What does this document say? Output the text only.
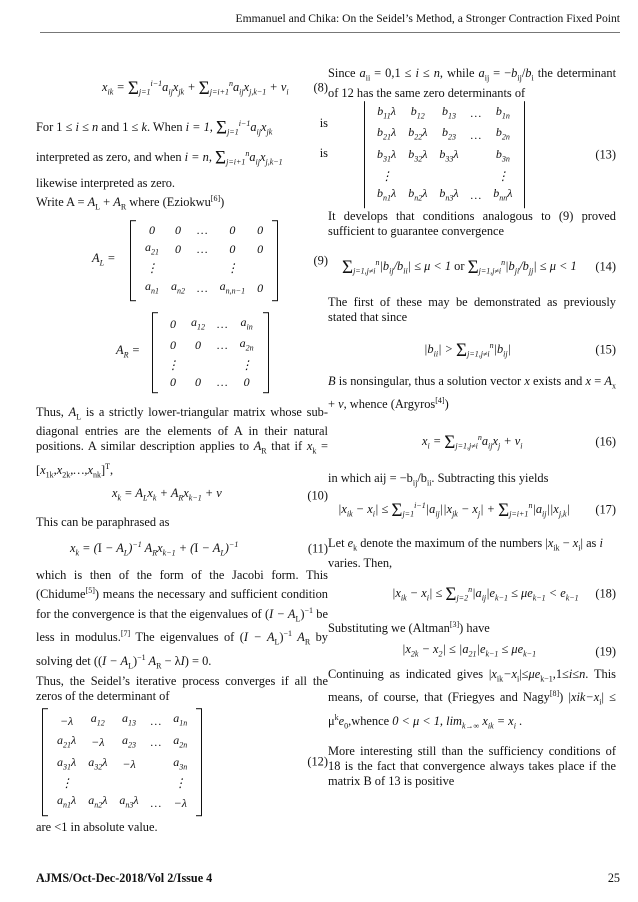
Emmanuel and Chika: On the Seidel’s Method, a Stronger Contraction Fixed Point
$x_{ik} = \Sigma_{j=1}^{i-1}a_{ij}x_{jk} + \Sigma_{j=i+1}^na_{ij}x_{j,k-1} + v_i$ (8)

For 1 ≤ i ≤ n and 1 ≤ k. When i = 1, $\Sigma_{j=1}^{i-1}a_{ij}x_{jk}$
is

interpreted as zero, and when i = n, $\Sigma_{j=i+1}^na_{ij}x_{j,k-1}$
is

likewise interpreted as zero.

Write $A = A_L + A_R$ where (Eziokwu[6])

$A_L$ =
0	0	…	0	0
$a_{21}$	0	…	0	0
⋮			⋮	
$a_{n1}$	$a_{n2}$	…	$a_{n,n-1}$	0
(9)
$A_R$ =
0	$a_{12}$	…	$a_{in}$
0	0	…	$a_{2n}$
⋮			⋮
0	0	…	0

Thus, $A_L$ is a strictly lower-triangular matrix whose sub-diagonal entries are the elements of A in their natural positions. A similar description applies to $A_R$ that if $x_k$ = $[x_{1k},x_{2k},\dots,x_{nk}]^T$,

$x_k = A_Lx_k + A_Rx_{k-1} + v$	(10)

This can be paraphrased as

$x_k = (I - A_L)^{-1}$ $A_Rx_{k-1} + (I - A_L)^{-1}$	(11)

which is then of the form of the Jacobi form. This (Chidume[5]) means the necessary and sufficient condition for the convergence is that the eigenvalues of $(I - A_L)^{-1}$ be less in modulus.[7] The eigenvalues of $(I - A_L)^{-1}$ $A_R$ by solving $\det ((I - A_L)^{-1}$ $A_R - \lambda I) = 0$.

Thus, the Seidel’s iterative process converges if all the zeros of the determinant of

−λ	$a_{12}$	$a_{13}$	…	$a_{1n}$
$a_{21}\lambda$	−λ	$a_{23}$	…	$a_{2n}$
$a_{31}\lambda$	$a_{32}\lambda$	−λ		$a_{3n}$
⋮				⋮
$a_{n1}\lambda$	$a_{n2}\lambda$	$a_{n3}\lambda$	…	−λ
(12)

are <1 in absolute value.

Since $a_{ii} = 0,1 \le i \le n$, while $a_{ij} = -b_{ij}/b_i$ the determinant of 12 has the same zero determinants of

$b_{11}\lambda$	$b_{12}$	$b_{13}$	…	$b_{1n}$
$b_{21}\lambda$	$b_{22}\lambda$	$b_{23}$	…	$b_{2n}$
$b_{31}\lambda$	$b_{32}\lambda$	$b_{33}\lambda$		$b_{3n}$
⋮				⋮
$b_{n1}\lambda$	$b_{n2}\lambda$	$b_{n3}\lambda$	…	$b_{nn}\lambda$
(13)

It develops that conditions analogous to (9) proved sufficient to guarantee convergence

$\Sigma_{j=1,j\ne i}^n|b_{ij}/b_{ii}| \le \mu < 1$ or $\Sigma_{j=1,j\ne i}^n|b_{ji}/b_{jj}| \le \mu < 1$ (14)

The first of these may be demonstrated as previously stated that since

$|b_{ii}| > \Sigma_{j=1,j\ne i}^n|b_{ij}|$	(15)

B is nonsingular, thus a solution vector x exists and $x = A_x + v$, whence (Argyros[4])

$x_i = \Sigma_{j=1,j\ne i}^na_{ij}x_j + v_i$	(16)

in which aij = $-b_{ij}/b_{ii}$. Subtracting this yields

$|x_{ik} - x_i| \le \Sigma_{j=1}^{i-1}|a_{ij}||x_{jk} - x_j| + \Sigma_{j=i+1}^n|a_{ij}||x_{j,k}|$ (17)

Let $e_k$ denote the maximum of the numbers $|x_{ik} - x_i|$ as i varies. Then,

$|x_{ik} - x_i| \le \Sigma_{j=2}^n|a_{ij}|e_{k-1} \le \mu e_{k-1} < e_{k-1}$ (18)

Substituting we (Altman[3]) have

$|x_{2k} - x_2| \le |a_{21}|e_{k-1} \le \mu e_{k-1}$	(19)

Continuing as indicated gives $|x_{ik}-x_i|\le\mu e_{k-1},1\le i\le n$. This means, of course, that (Friegyes and Nagy[8]) $|xik-x_i|$ ≤ $\mu^ke_0,whence$ 0 < μ < 1, $\lim_{k\to\infty} x_{ik} = x_i$ .

More interesting still than the sufficiency conditions of 18 is the fact that convergence always takes place if the matrix B of 13 is positive

AJMS/Oct-Dec-2018/Vol 2/Issue 4	25
